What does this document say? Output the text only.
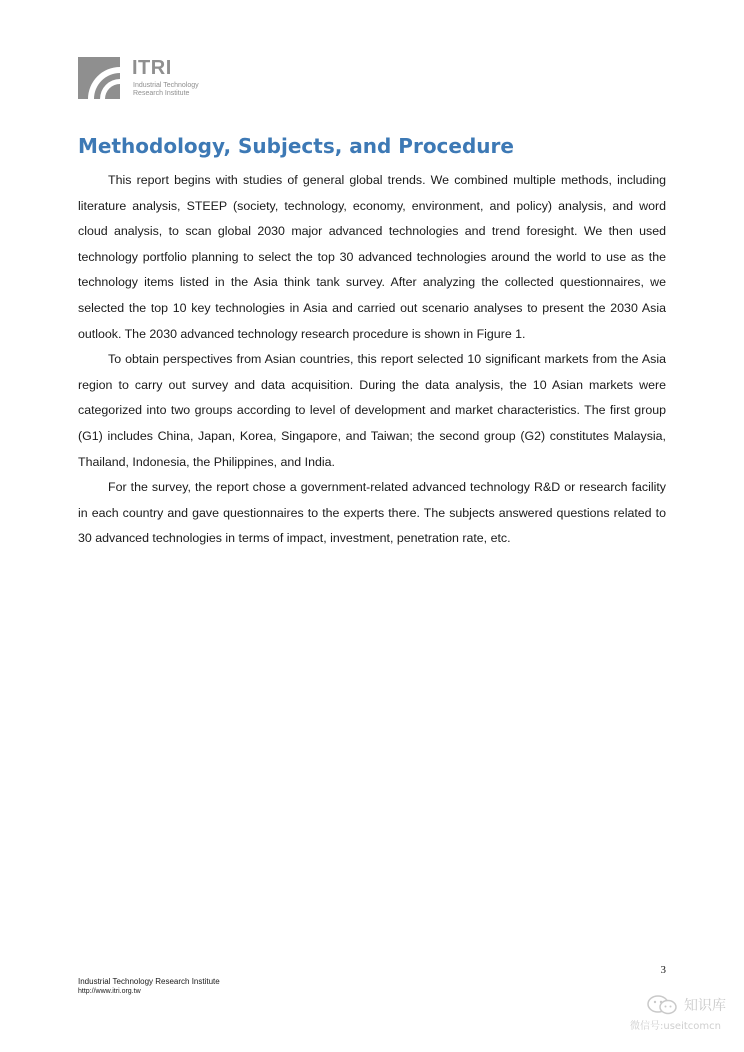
ITRI
Industrial Technology
Research Institute
Methodology, Subjects, and Procedure

This report begins with studies of general global trends. We combined multiple methods, including literature analysis, STEEP (society, technology, economy, environment, and policy) analysis, and word cloud analysis, to scan global 2030 major advanced technologies and trend foresight. We then used technology portfolio planning to select the top 30 advanced technologies around the world to use as the technology items listed in the Asia think tank survey. After analyzing the collected questionnaires, we selected the top 10 key technologies in Asia and carried out scenario analyses to present the 2030 Asia outlook. The 2030 advanced technology research procedure is shown in Figure 1.

To obtain perspectives from Asian countries, this report selected 10 significant markets from the Asia region to carry out survey and data acquisition. During the data analysis, the 10 Asian markets were categorized into two groups according to level of development and market characteristics. The first group (G1) includes China, Japan, Korea, Singapore, and Taiwan; the second group (G2) constitutes Malaysia, Thailand, Indonesia, the Philippines, and India.

For the survey, the report chose a government-related advanced technology R&D or research facility in each country and gave questionnaires to the experts there. The subjects answered questions related to 30 advanced technologies in terms of impact, investment, penetration rate, etc.

3
Industrial Technology Research Institute
http://www.itri.org.tw
知识库
微信号:useitcomcn
